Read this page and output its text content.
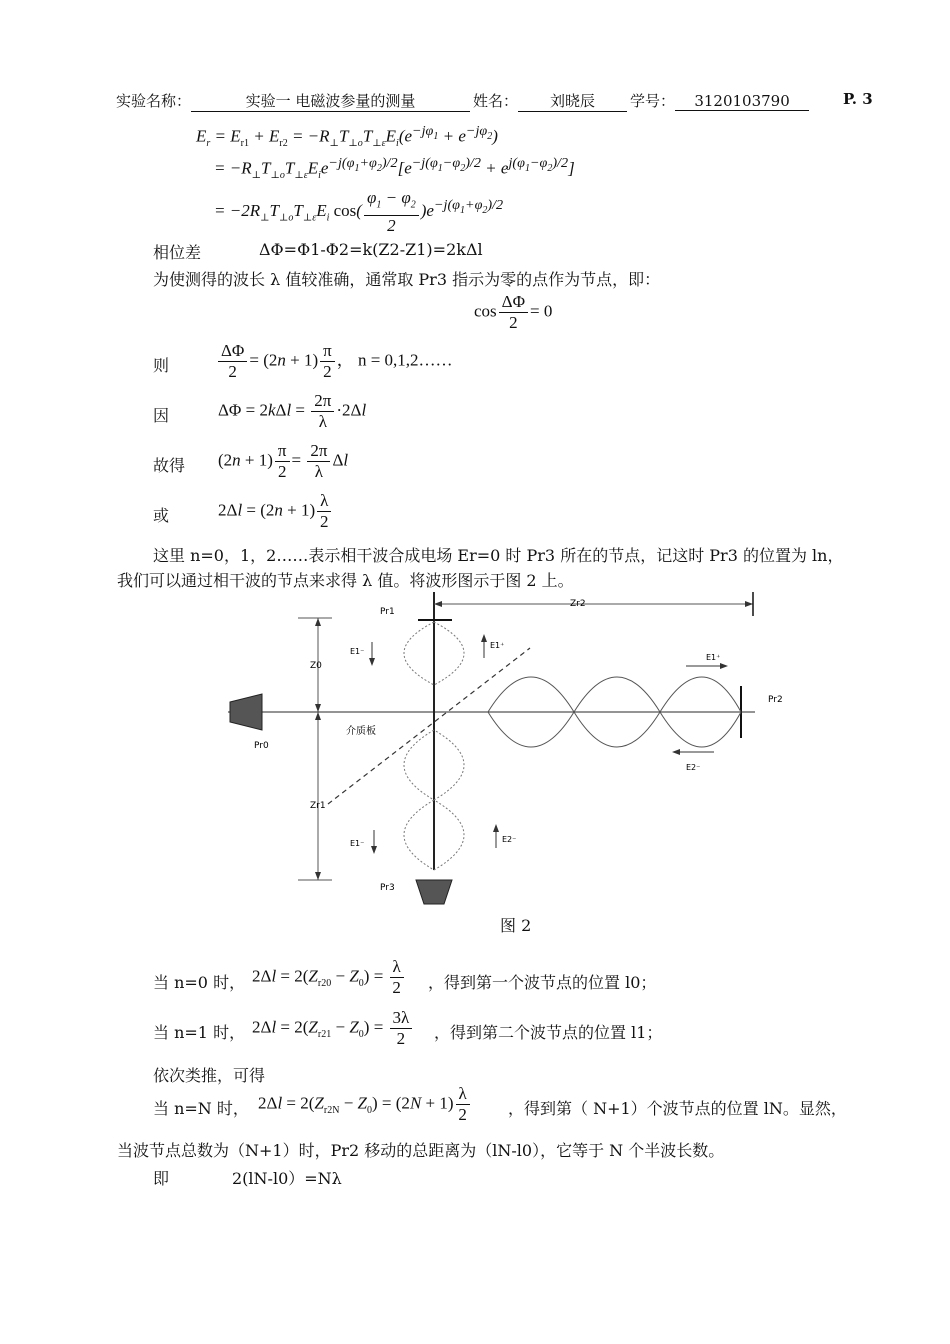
实验名称：	实验一 电磁波参量的测量	姓名： 刘晓辰 学号： 3120103790	P. 3
$E_r = E_{r1} + E_{r2} = -R_\perp T_{\perp o}T_{\perp\varepsilon}E_i(e^{-j\varphi_1} + e^{-j\varphi_2})$
= $-R_\perp T_{\perp o}T_{\perp\varepsilon}E_ie^{-j(\varphi_1+\varphi_2)/2}[e^{-j(\varphi_1-\varphi_2)/2} + e^{j(\varphi_1-\varphi_2)/2}]$
= $-2R_\perp T_{\perp o}T_{\perp\varepsilon}E_i$ $\cos( \frac{\varphi_1 - \varphi_2}{2} )e^{-j(\varphi_1+\varphi_2)/2}$
相位差	ΔΦ=Φ1-Φ2=k(Z2-Z1)=2kΔl
为使测得的波长 λ 值较准确，通常取 Pr3 指示为零的点作为节点，即：
$\cos \frac{\Delta\Phi}{2} = 0$
则	$\frac{\Delta\Phi}{2} = (2n + 1) \frac{\pi}{2}$ ， n = 0,1,2……
因	$\Delta\Phi = 2k\Delta l = \frac{2\pi}{\lambda} \cdot 2\Delta l$
故得 $(2n + 1) \frac{\pi}{2} = \frac{2\pi}{\lambda}$ Δl
或	$2\Delta l = (2n + 1) \frac{\lambda}{2}$
这里 n=0，1，2……表示相干波合成电场 Er=0 时 Pr3 所在的节点，记这时 Pr3 的位置为 ln，
我们可以通过相干波的节点来求得 λ 值。将波形图示于图 2 上。
Pr1
Zr2
E1⁻
E1⁺
E1⁺
Pr2
E2⁻
Z0
Pr0
介质板
Zr1
E1⁻	E2⁻
Pr3
图 2
当 n=0 时， $2\Delta l = 2(Z_{r20} - Z_0) = \frac{\lambda}{2}$ ，得到第一个波节点的位置 l0；
当 n=1 时， $2\Delta l = 2(Z_{r21} - Z_0) = \frac{3\lambda}{2}$ ，得到第二个波节点的位置 l1；
依次类推，可得
当 n=N 时， $2\Delta l = 2(Z_{r2N} - Z_0) = (2N + 1) \frac{\lambda}{2}$ ，得到第（ N+1）个波节点的位置 lN。显然，
当波节点总数为（N+1）时，Pr2 移动的总距离为（lN-l0），它等于 N 个半波长数。
即	2(lN-l0）=Nλ
